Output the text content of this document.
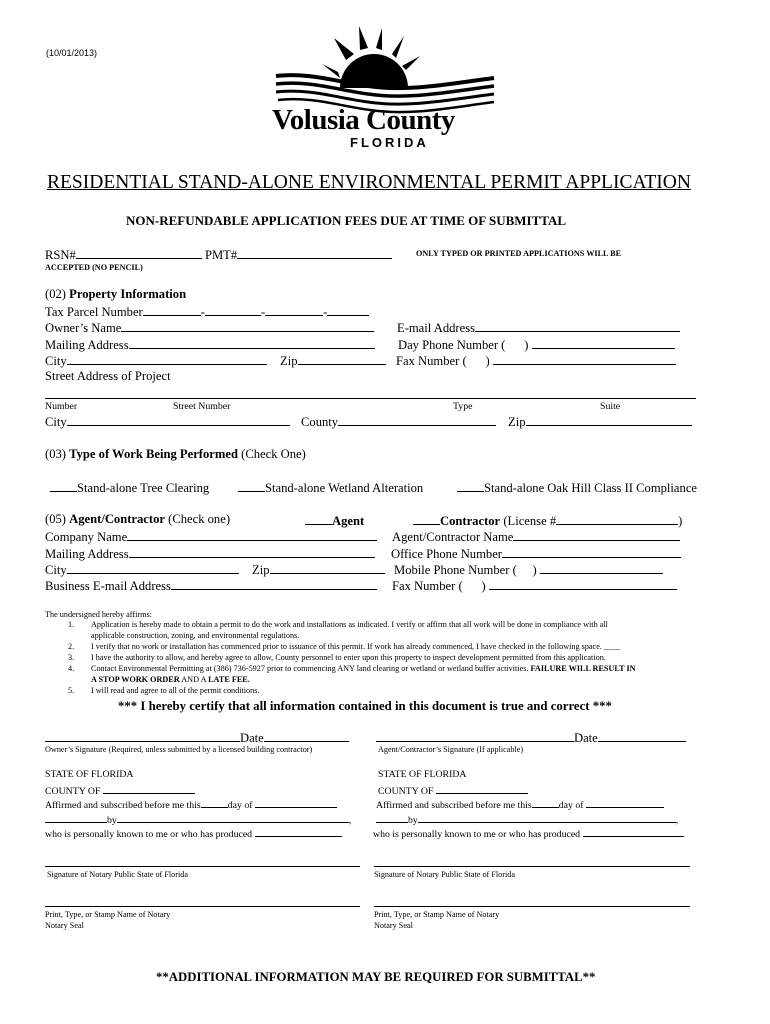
(10/01/2013)
Volusia County
FLORIDA
RESIDENTIAL STAND-ALONE ENVIRONMENTAL PERMIT APPLICATION
NON-REFUNDABLE APPLICATION FEES DUE AT TIME OF SUBMITTAL
RSN#	PMT#	ONLY TYPED OR PRINTED APPLICATIONS WILL BE
ACCEPTED (NO PENCIL)
(02) Property Information
Tax Parcel Number	-	-	-
Owner’s Name	E-mail Address
Mailing Address	Day Phone Number ( )
City	Zip	Fax Number ( )
Street Address of Project
Number	Street Number	Type	Suite
City	County	Zip
(03) Type of Work Being Performed (Check One)
Stand-alone Tree Clearing	Stand-alone Wetland Alteration	Stand-alone Oak Hill Class II Compliance
(05) Agent/Contractor (Check one)	Agent	Contractor (License #	)
Company Name	Agent/Contractor Name
Mailing Address	Office Phone Number
City	Zip	Mobile Phone Number ( )
Business E-mail Address	Fax Number ( )
The undersigned hereby affirms:
1. Application is hereby made to obtain a permit to do the work and installations as indicated. I verify or affirm that all work will be done in compliance with all
applicable construction, zoning, and environmental regulations.
2. I verify that no work or installation has commenced prior to issuance of this permit. If work has already commenced, I have checked in the following space. ____
3. I have the authority to allow, and hereby agree to allow, County personnel to enter upon this property to inspect development permitted from this application.
4. Contact Environmental Permitting at (386) 736-5927 prior to commencing ANY land clearing or wetland or wetland buffer activities. FAILURE WILL RESULT IN
A STOP WORK ORDER AND A LATE FEE.
5. I will read and agree to all of the permit conditions.
*** I hereby certify that all information contained in this document is true and correct ***
Date
Owner’s Signature (Required, unless submitted by a licensed building contractor)
Date
Agent/Contractor’s Signature (If applicable)
STATE OF FLORIDA
COUNTY OF
Affirmed and subscribed before me this	day of
by	,
who is personally known to me or who has produced	.
Signature of Notary Public State of Florida
Print, Type, or Stamp Name of Notary
Notary Seal
STATE OF FLORIDA
COUNTY OF
Affirmed and subscribed before me this	day of
by	,
who is personally known to me or who has produced	.
Signature of Notary Public State of Florida
Print, Type, or Stamp Name of Notary
Notary Seal
**ADDITIONAL INFORMATION MAY BE REQUIRED FOR SUBMITTAL**
